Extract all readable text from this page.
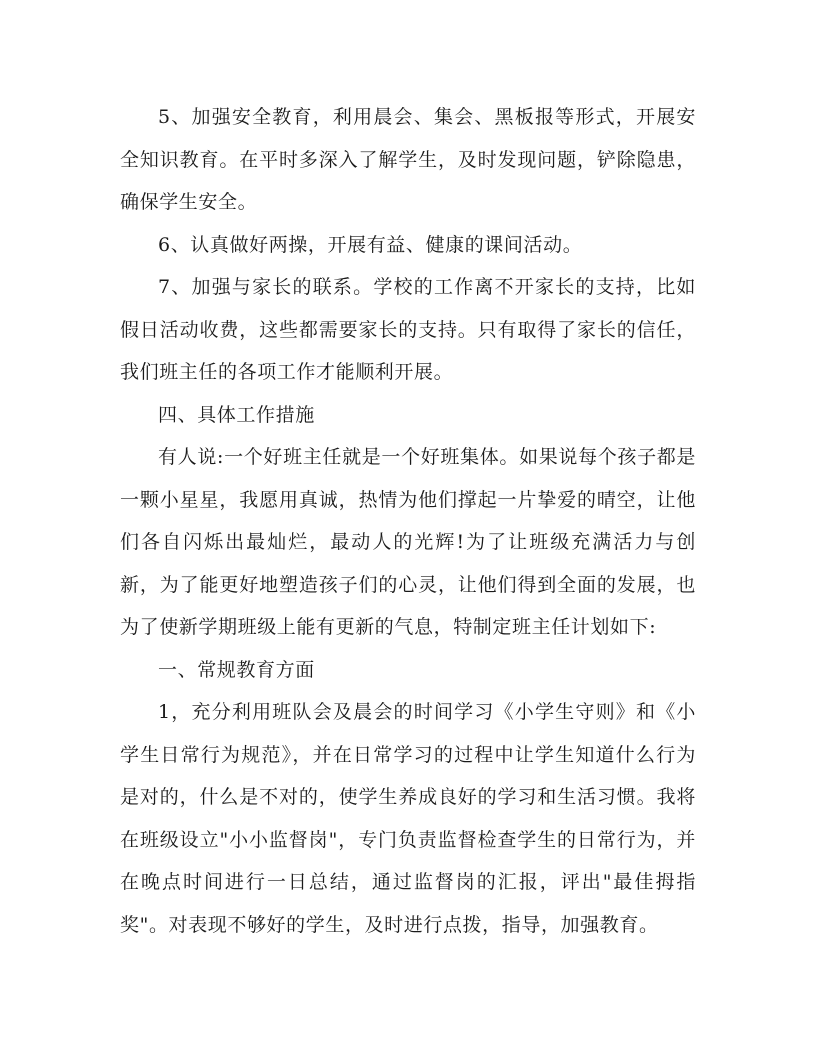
5、加强安全教育，利用晨会、集会、黑板报等形式，开展安全知识教育。在平时多深入了解学生，及时发现问题，铲除隐患，确保学生安全。

6、认真做好两操，开展有益、健康的课间活动。

7、加强与家长的联系。学校的工作离不开家长的支持，比如假日活动收费，这些都需要家长的支持。只有取得了家长的信任，我们班主任的各项工作才能顺利开展。

四、具体工作措施

有人说:一个好班主任就是一个好班集体。如果说每个孩子都是一颗小星星，我愿用真诚，热情为他们撑起一片挚爱的晴空，让他们各自闪烁出最灿烂，最动人的光辉!为了让班级充满活力与创新，为了能更好地塑造孩子们的心灵，让他们得到全面的发展，也为了使新学期班级上能有更新的气息，特制定班主任计划如下:

一、常规教育方面

1，充分利用班队会及晨会的时间学习《小学生守则》和《小学生日常行为规范》，并在日常学习的过程中让学生知道什么行为是对的，什么是不对的，使学生养成良好的学习和生活习惯。我将在班级设立"小小监督岗"，专门负责监督检查学生的日常行为，并在晚点时间进行一日总结，通过监督岗的汇报，评出"最佳拇指奖"。对表现不够好的学生，及时进行点拨，指导，加强教育。
